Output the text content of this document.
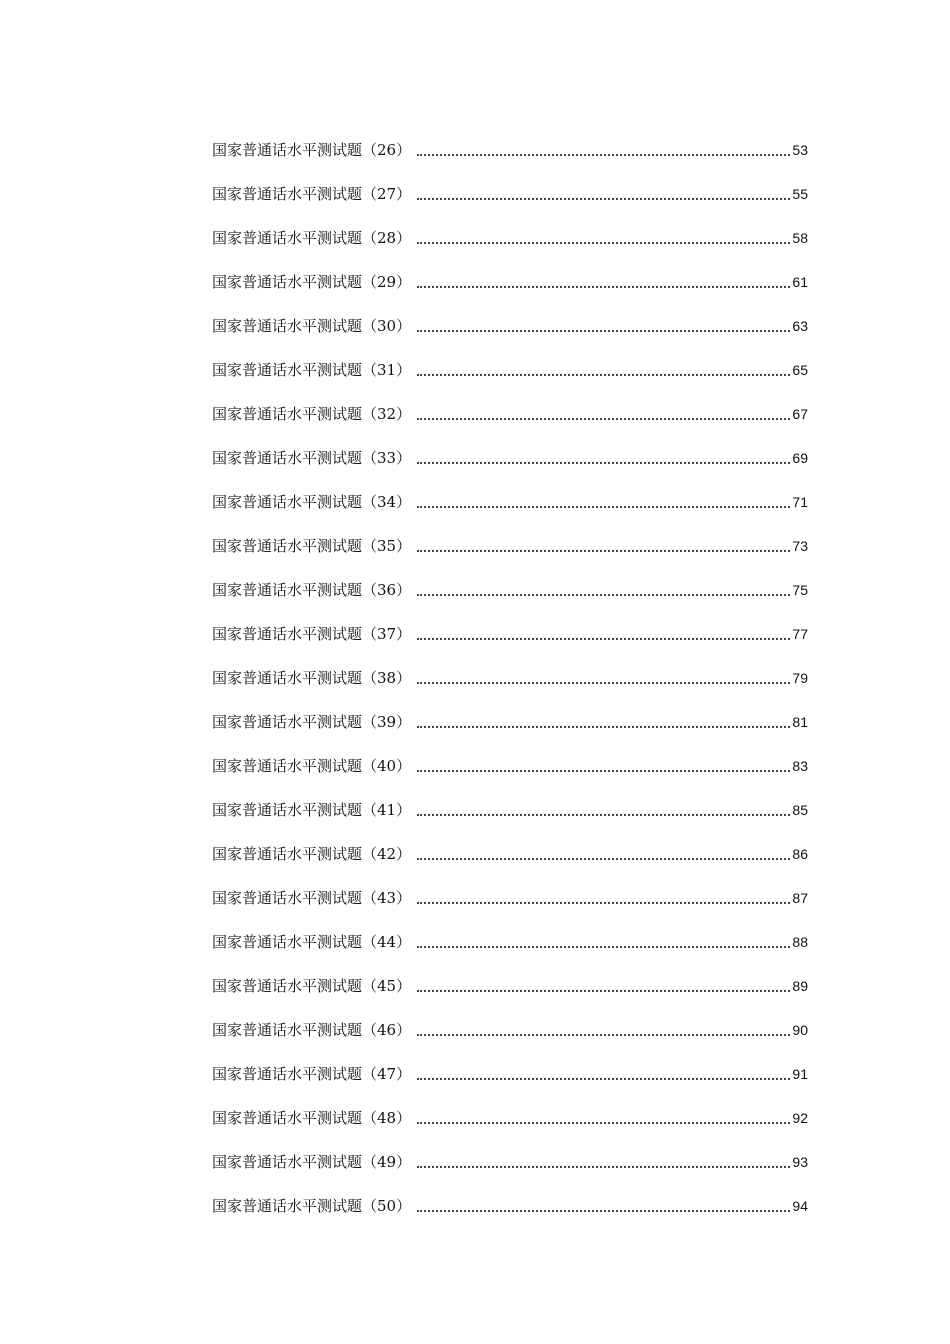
国家普通话水平测试题（26）	53
国家普通话水平测试题（27）	55
国家普通话水平测试题（28）	58
国家普通话水平测试题（29）	61
国家普通话水平测试题（30）	63
国家普通话水平测试题（31）	65
国家普通话水平测试题（32）	67
国家普通话水平测试题（33）	69
国家普通话水平测试题（34）	71
国家普通话水平测试题（35）	73
国家普通话水平测试题（36）	75
国家普通话水平测试题（37）	77
国家普通话水平测试题（38）	79
国家普通话水平测试题（39）	81
国家普通话水平测试题（40）	83
国家普通话水平测试题（41）	85
国家普通话水平测试题（42）	86
国家普通话水平测试题（43）	87
国家普通话水平测试题（44）	88
国家普通话水平测试题（45）	89
国家普通话水平测试题（46）	90
国家普通话水平测试题（47）	91
国家普通话水平测试题（48）	92
国家普通话水平测试题（49）	93
国家普通话水平测试题（50）	94
